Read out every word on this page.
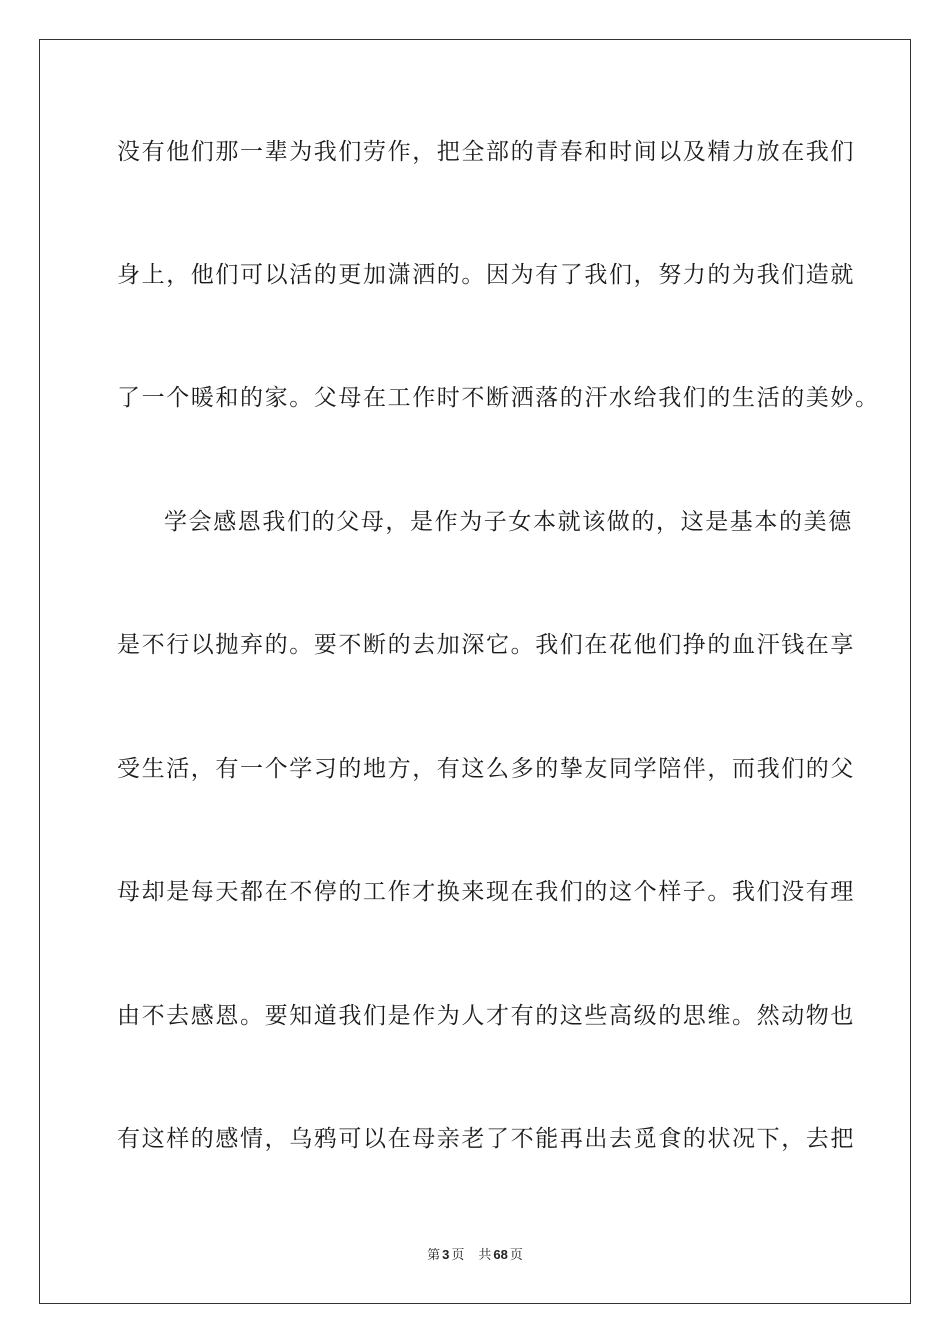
没有他们那一辈为我们劳作，把全部的青春和时间以及精力放在我们
身上，他们可以活的更加潇洒的。因为有了我们，努力的为我们造就
了一个暖和的家。父母在工作时不断洒落的汗水给我们的生活的美妙。
学会感恩我们的父母，是作为子女本就该做的，这是基本的美德
是不行以抛弃的。要不断的去加深它。我们在花他们挣的血汗钱在享
受生活，有一个学习的地方，有这么多的挚友同学陪伴，而我们的父
母却是每天都在不停的工作才换来现在我们的这个样子。我们没有理
由不去感恩。要知道我们是作为人才有的这些高级的思维。然动物也
有这样的感情，乌鸦可以在母亲老了不能再出去觅食的状况下，去把
第 3 页 共 68 页
